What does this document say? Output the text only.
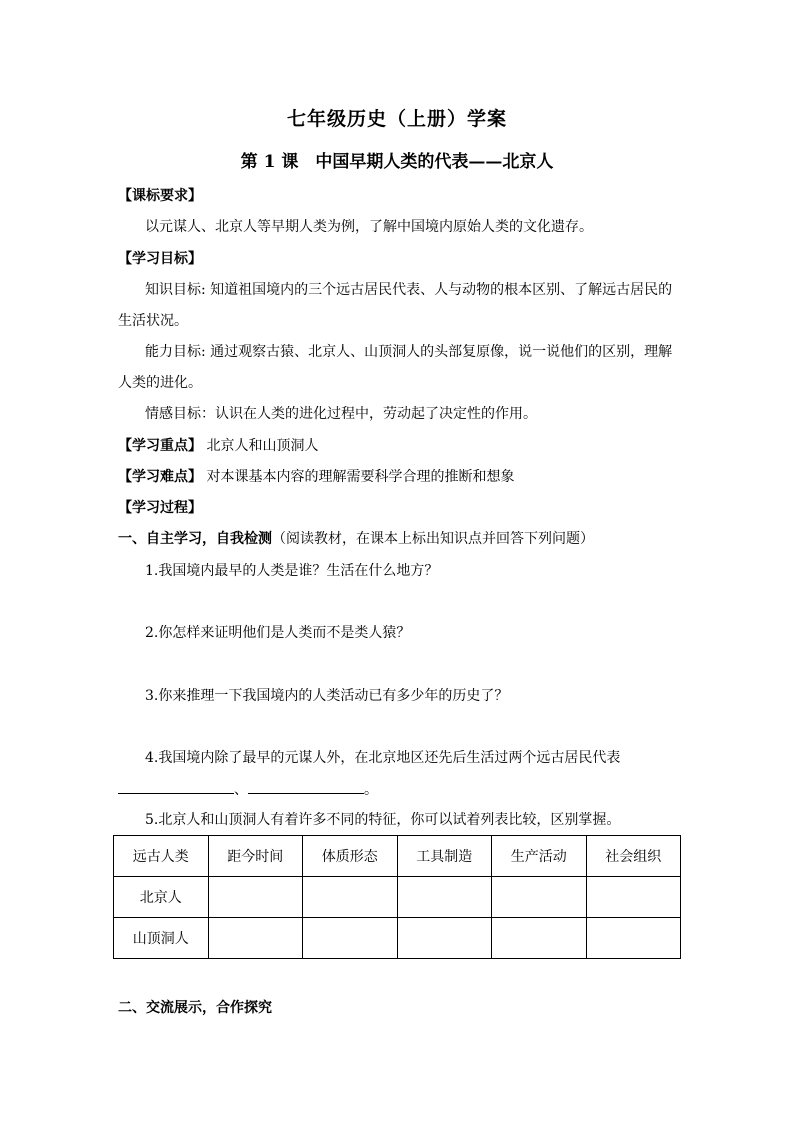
七年级历史（上册）学案
第 1 课　中国早期人类的代表——北京人
【课标要求】
以元谋人、北京人等早期人类为例，了解中国境内原始人类的文化遗存。
【学习目标】
知识目标: 知道祖国境内的三个远古居民代表、人与动物的根本区别、了解远古居民的
生活状况。
能力目标: 通过观察古猿、北京人、山顶洞人的头部复原像，说一说他们的区别，理解
人类的进化。
情感目标：认识在人类的进化过程中，劳动起了决定性的作用。
【学习重点】 北京人和山顶洞人
【学习难点】 对本课基本内容的理解需要科学合理的推断和想象
【学习过程】
一、自主学习，自我检测（阅读教材，在课本上标出知识点并回答下列问题）
1.我国境内最早的人类是谁？生活在什么地方？
2.你怎样来证明他们是人类而不是类人猿？
3.你来推理一下我国境内的人类活动已有多少年的历史了？
4.我国境内除了最早的元谋人外，在北京地区还先后生活过两个远古居民代表
、	。
5.北京人和山顶洞人有着许多不同的特征，你可以试着列表比较，区别掌握。
远古人类	距今时间	体质形态	工具制造	生产活动	社会组织
北京人					
山顶洞人					
二、交流展示，合作探究
